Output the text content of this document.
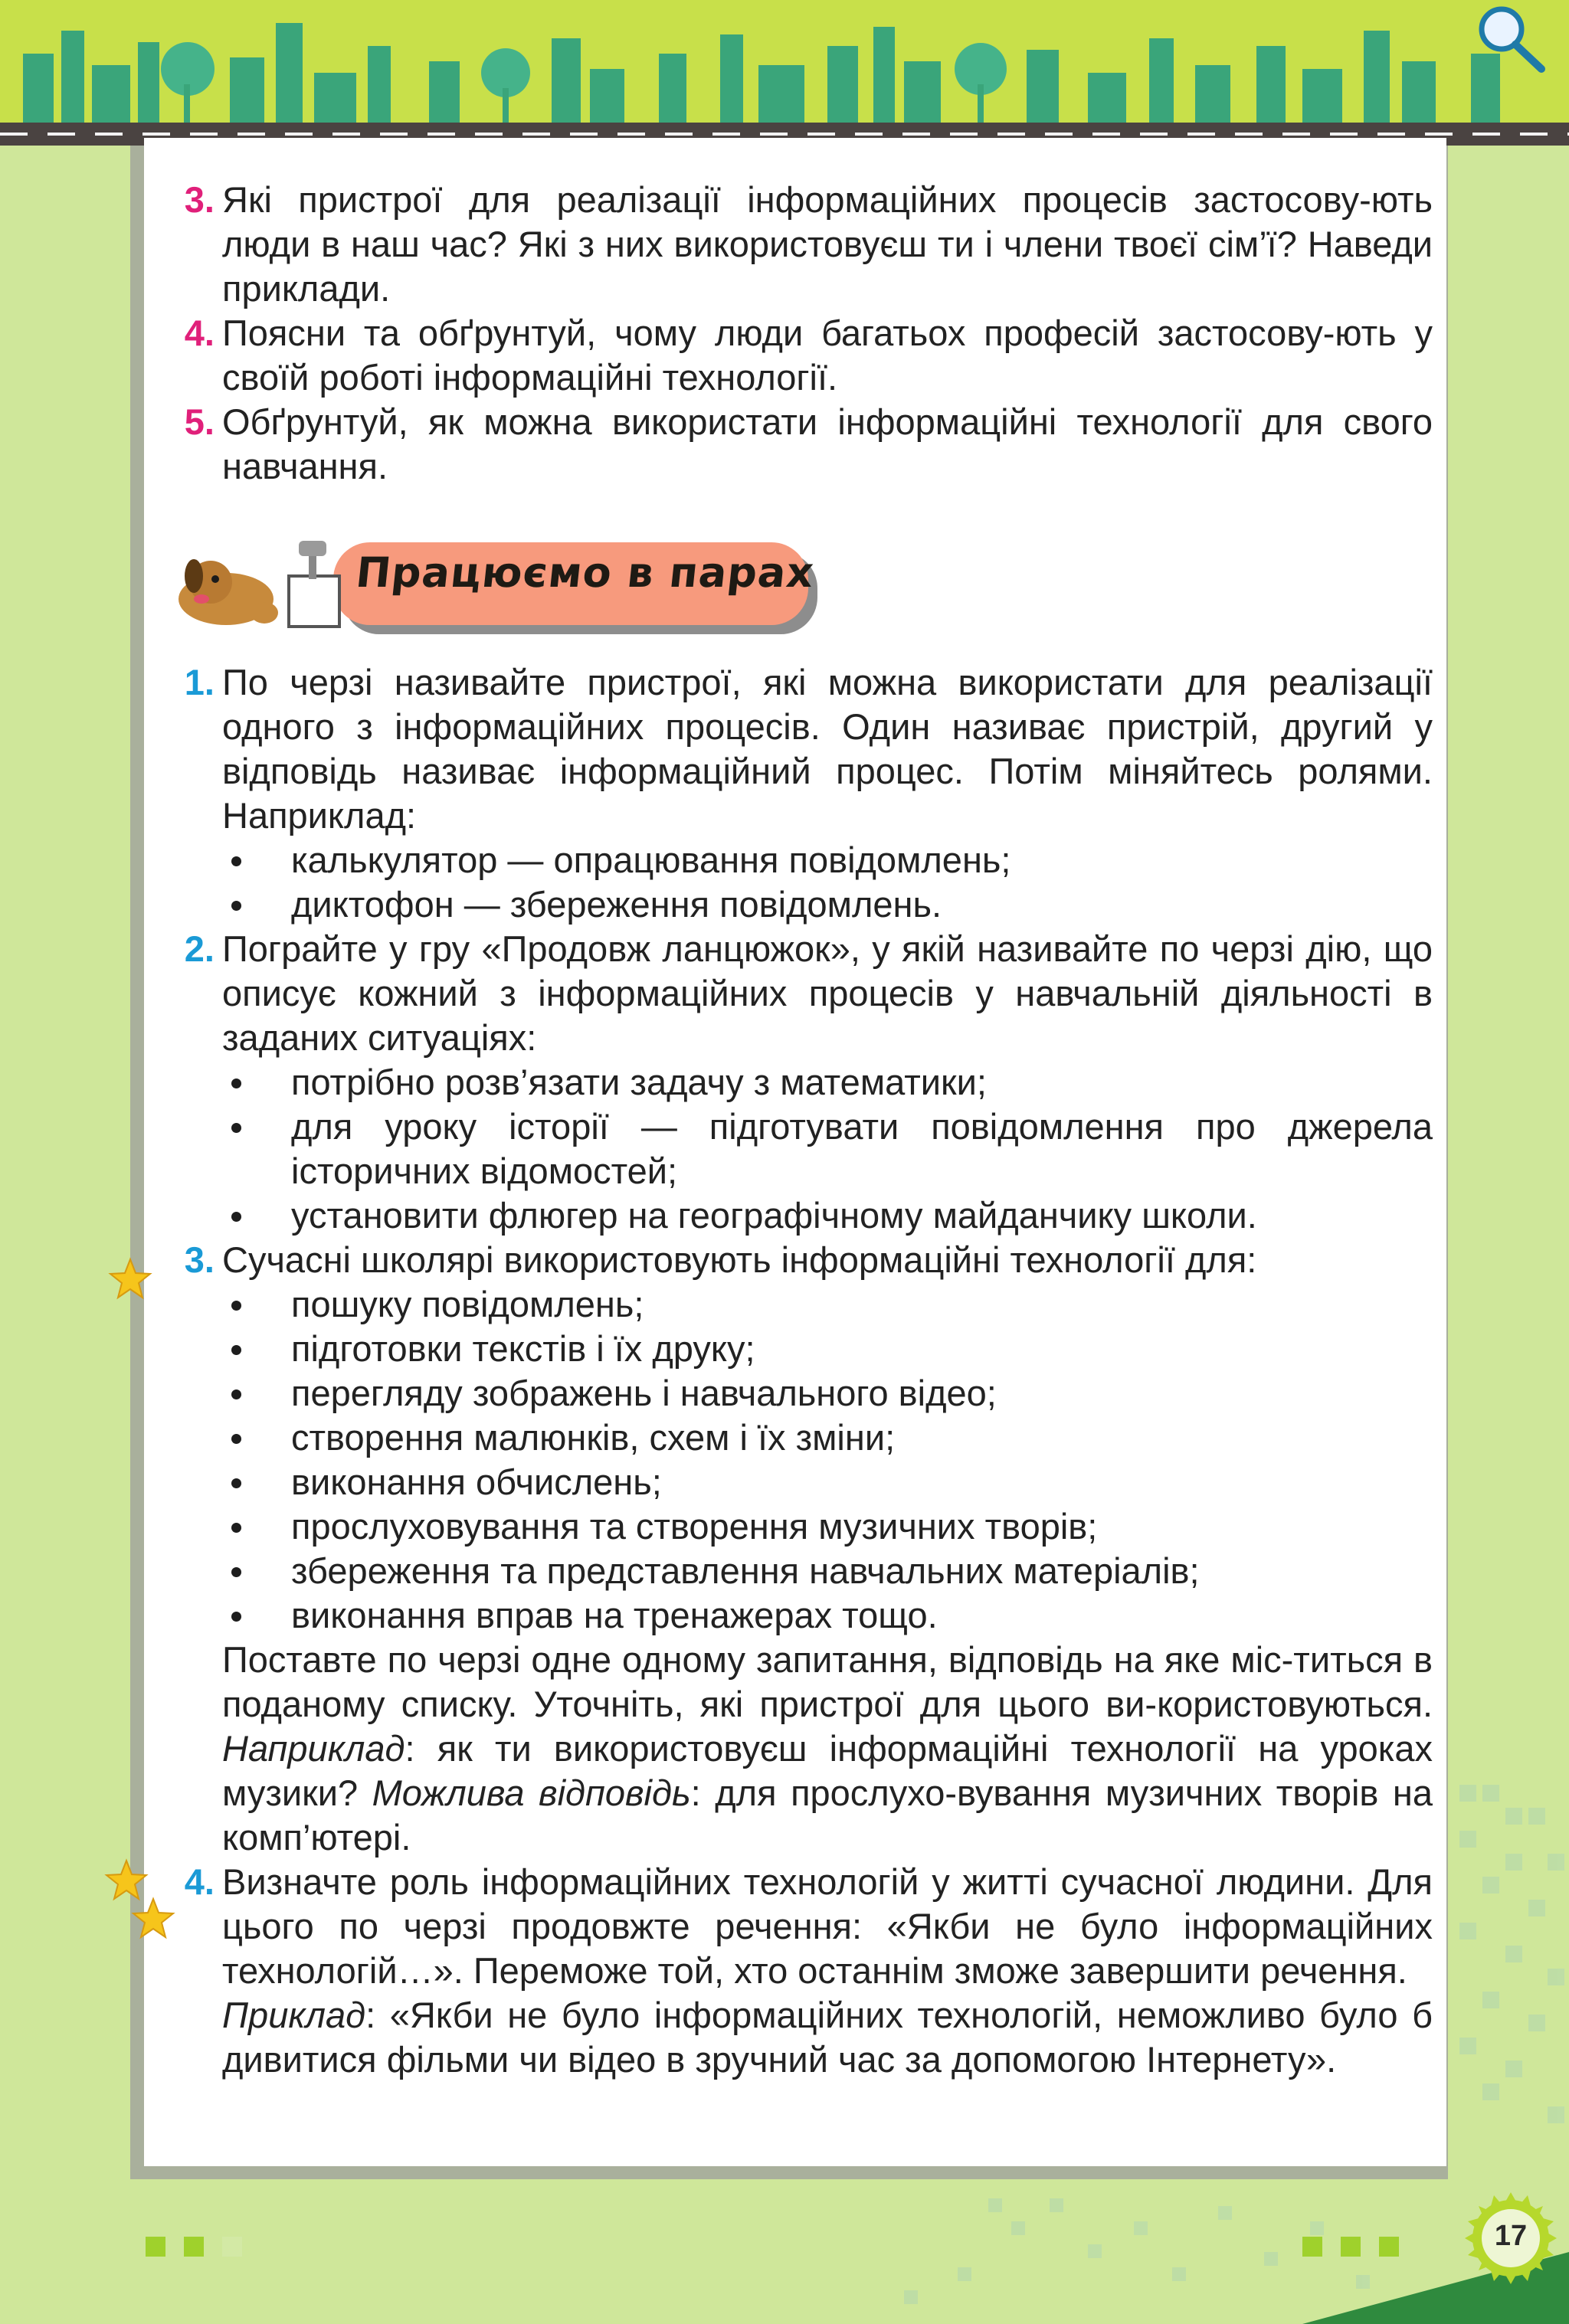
3. Які пристрої для реалізації інформаційних процесів застосову-ють люди в наш час? Які з них використовуєш ти і члени твоєї сім’ї? Наведи приклади.
4. Поясни та обґрунтуй, чому люди багатьох професій застосову-ють у своїй роботі інформаційні технології.
5. Обґрунтуй, як можна використати інформаційні технології для свого навчання.
Працюємо в парах
1. По черзі називайте пристрої, які можна використати для реалізації одного з інформаційних процесів. Один називає пристрій, другий у відповідь називає інформаційний процес. Потім міняйтесь ролями. Наприклад:
калькулятор — опрацювання повідомлень;
диктофон — збереження повідомлень.
2. Пограйте у гру «Продовж ланцюжок», у якій називайте по черзі дію, що описує кожний з інформаційних процесів у навчальній діяльності в заданих ситуаціях:
потрібно розв’язати задачу з математики;
для уроку історії — підготувати повідомлення про джерела історичних відомостей;
установити флюгер на географічному майданчику школи.
3. Сучасні школярі використовують інформаційні технології для:
пошуку повідомлень;
підготовки текстів і їх друку;
перегляду зображень і навчального відео;
створення малюнків, схем і їх зміни;
виконання обчислень;
прослуховування та створення музичних творів;
збереження та представлення навчальних матеріалів;
виконання вправ на тренажерах тощо.
Поставте по черзі одне одному запитання, відповідь на яке міс-титься в поданому списку. Уточніть, які пристрої для цього ви-користовуються. Наприклад: як ти використовуєш інформаційні технології на уроках музики? Можлива відповідь: для прослухо-вування музичних творів на комп’ютері.
4. Визначте роль інформаційних технологій у житті сучасної людини. Для цього по черзі продовжте речення: «Якби не було інформаційних технологій…». Переможе той, хто останнім зможе завершити речення.
Приклад: «Якби не було інформаційних технологій, неможливо було б дивитися фільми чи відео в зручний час за допомогою Інтернету».
17
